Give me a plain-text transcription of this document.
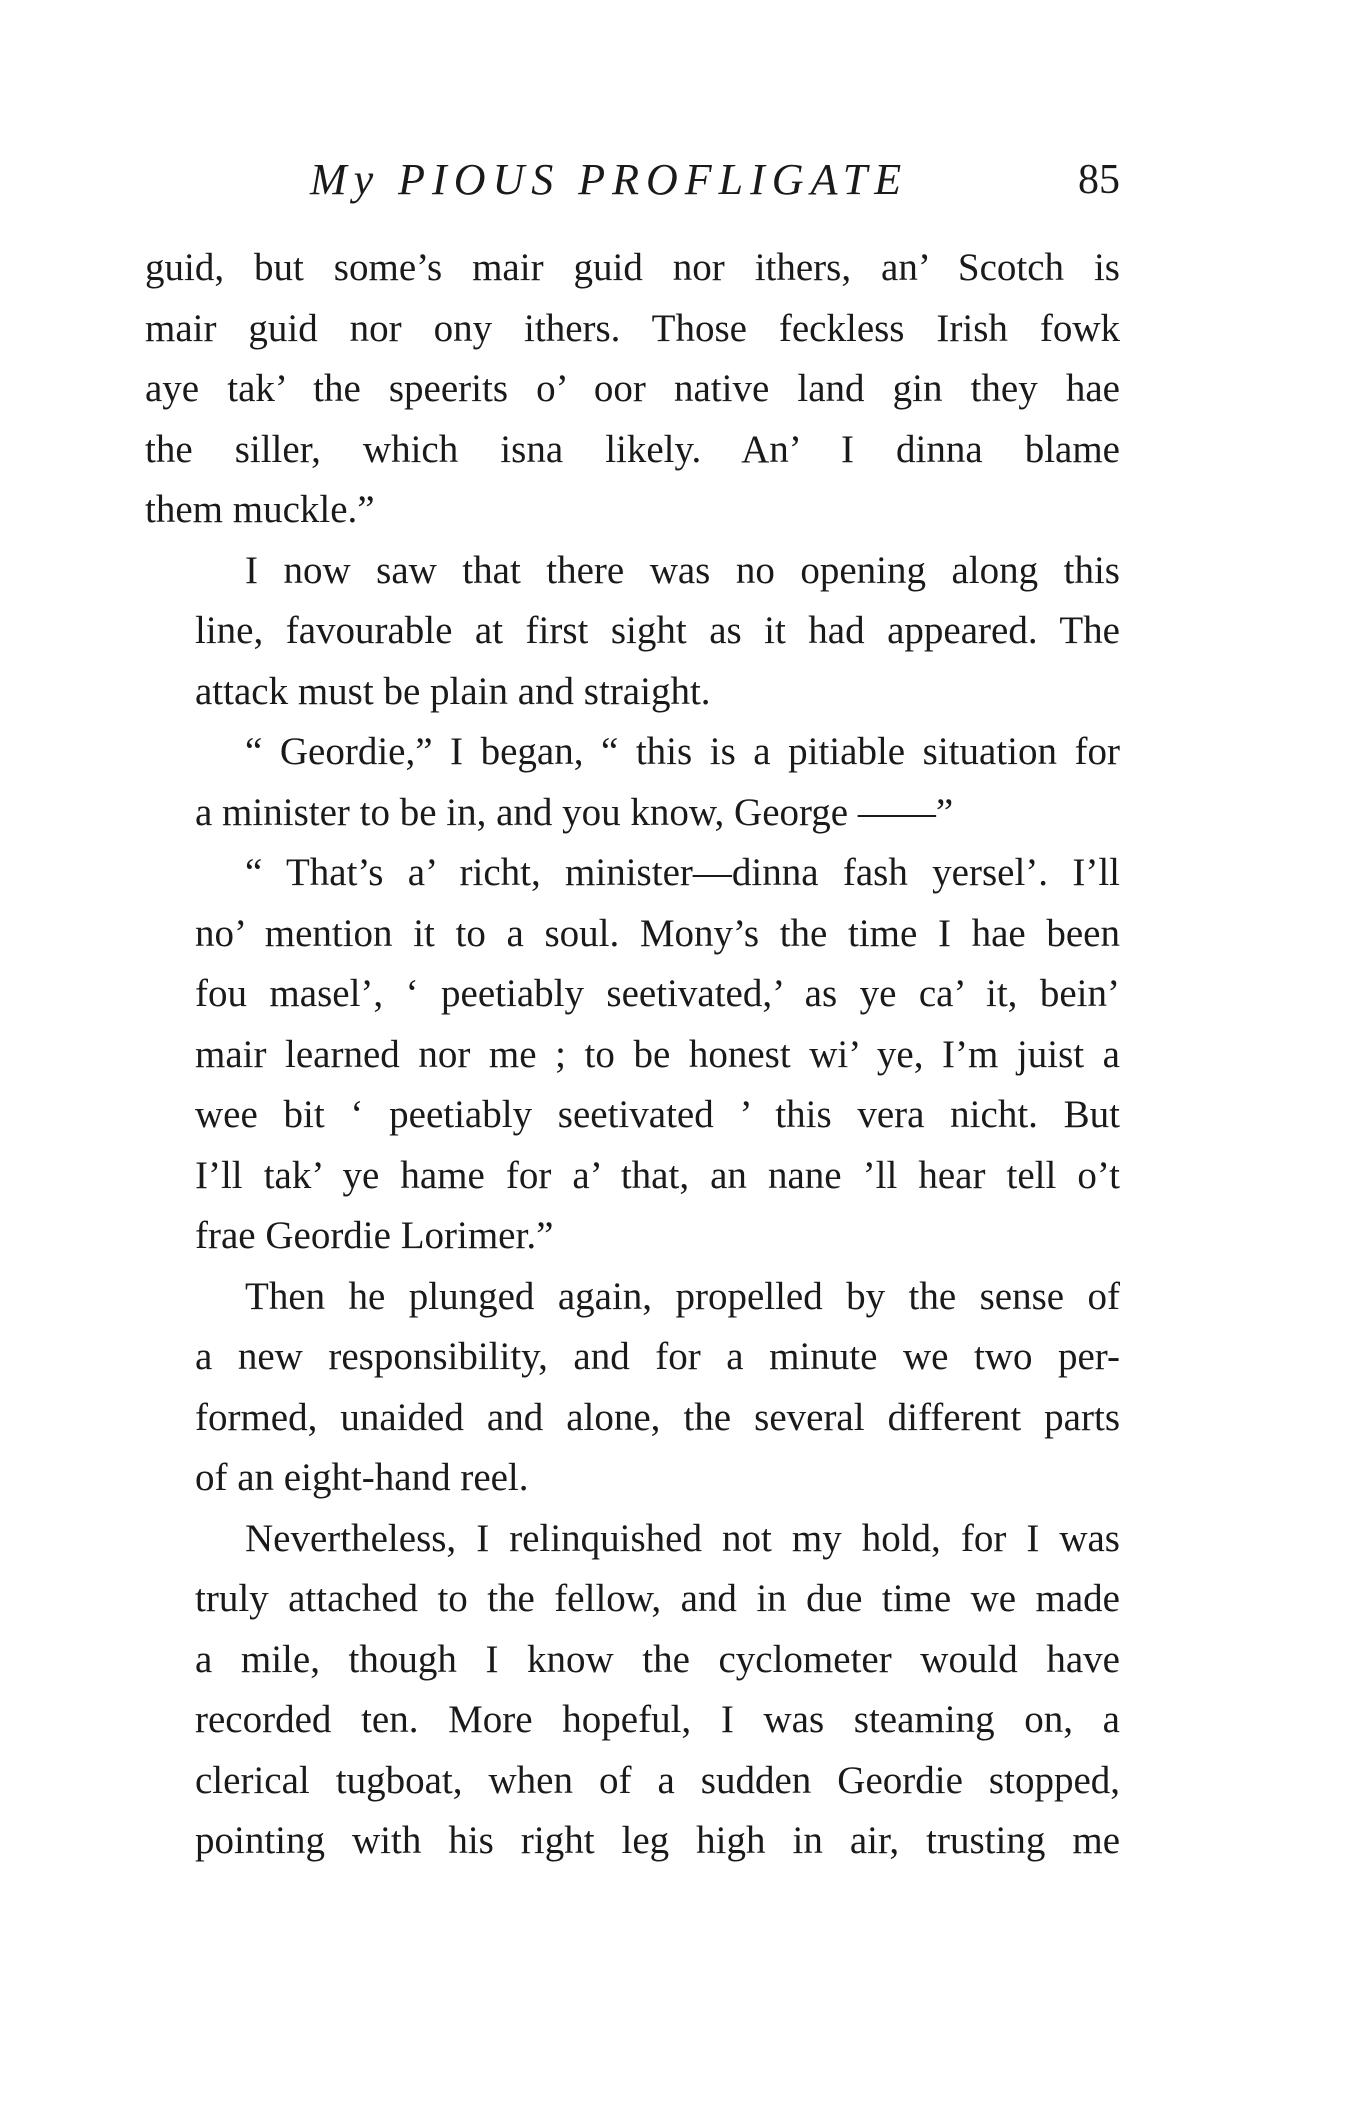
My PIOUS PROFLIGATE	85
guid, but some’s mair guid nor ithers, an’ Scotch is
mair guid nor ony ithers. Those feckless Irish fowk
aye tak’ the speerits o’ oor native land gin they hae
the siller, which isna likely. An’ I dinna blame
them muckle.”
I now saw that there was no opening along this
line, favourable at first sight as it had appeared. The
attack must be plain and straight.
“ Geordie,” I began, “ this is a pitiable situation for
a minister to be in, and you know, George ——”
“ That’s a’ richt, minister—dinna fash yersel’. I’ll
no’ mention it to a soul. Mony’s the time I hae been
fou masel’, ‘ peetiably seetivated,’ as ye ca’ it, bein’
mair learned nor me ; to be honest wi’ ye, I’m juist a
wee bit ‘ peetiably seetivated ’ this vera nicht. But
I’ll tak’ ye hame for a’ that, an nane ’ll hear tell o’t
frae Geordie Lorimer.”
Then he plunged again, propelled by the sense of
a new responsibility, and for a minute we two per-
formed, unaided and alone, the several different parts
of an eight-hand reel.
Nevertheless, I relinquished not my hold, for I was
truly attached to the fellow, and in due time we made
a mile, though I know the cyclometer would have
recorded ten. More hopeful, I was steaming on, a
clerical tugboat, when of a sudden Geordie stopped,
pointing with his right leg high in air, trusting me
